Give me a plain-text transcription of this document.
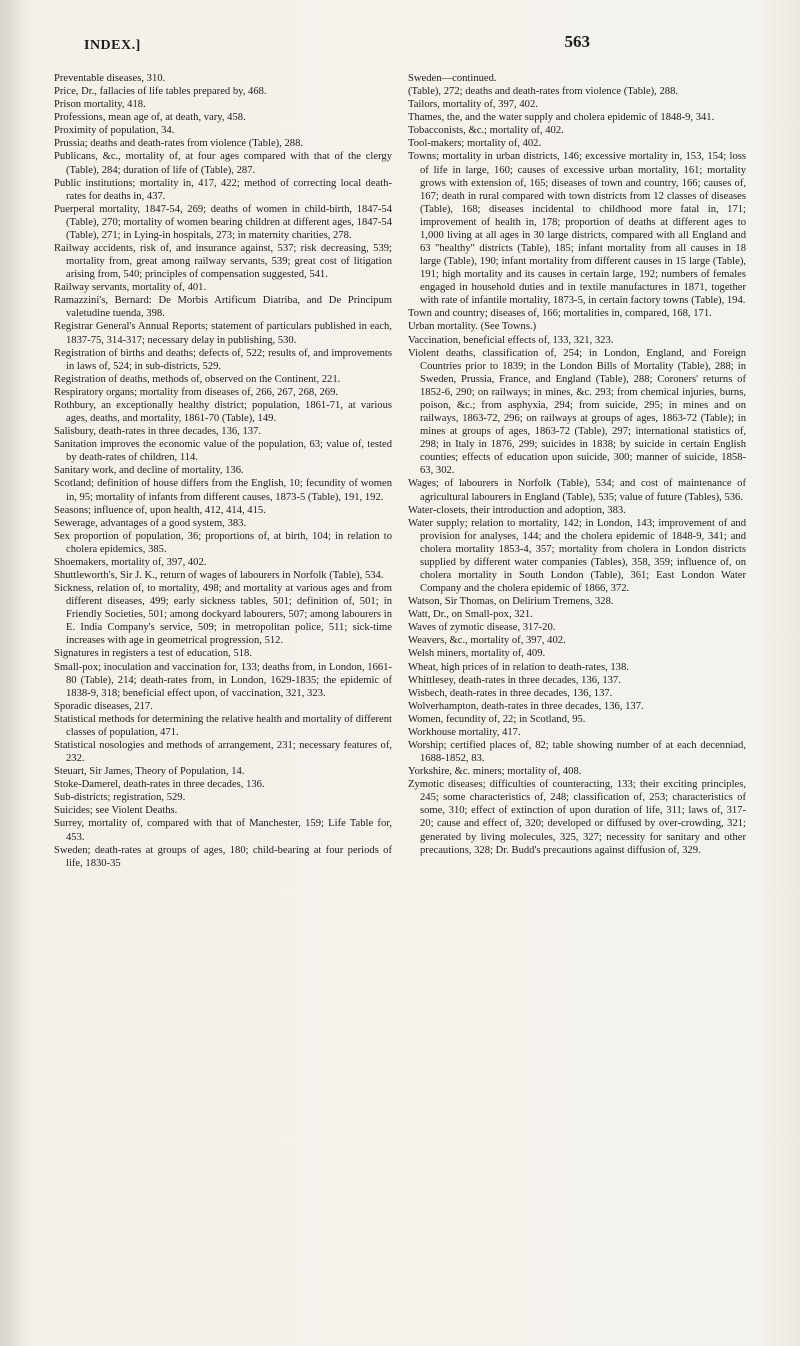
INDEX.]	563

Preventable diseases, 310.

Price, Dr., fallacies of life tables prepared by, 468.

Prison mortality, 418.

Professions, mean age of, at death, vary, 458.

Proximity of population, 34.

Prussia; deaths and death-rates from violence (Table), 288.

Publicans, &c., mortality of, at four ages compared with that of the clergy (Table), 284; duration of life of (Table), 287.

Public institutions; mortality in, 417, 422; method of correcting local death-rates for deaths in, 437.

Puerperal mortality, 1847-54, 269; deaths of women in child-birth, 1847-54 (Table), 270; mortality of women bearing children at different ages, 1847-54 (Table), 271; in Lying-in hospitals, 273; in maternity charities, 278.

Railway accidents, risk of, and insurance against, 537; risk decreasing, 539; mortality from, great among railway servants, 539; great cost of litigation arising from, 540; principles of compensation suggested, 541.

Railway servants, mortality of, 401.

Ramazzini's, Bernard: De Morbis Artificum Diatriba, and De Principum valetudine tuenda, 398.

Registrar General's Annual Reports; statement of particulars published in each, 1837-75, 314-317; necessary delay in publishing, 530.

Registration of births and deaths; defects of, 522; results of, and improvements in laws of, 524; in sub-districts, 529.

Registration of deaths, methods of, observed on the Continent, 221.

Respiratory organs; mortality from diseases of, 266, 267, 268, 269.

Rothbury, an exceptionally healthy district; population, 1861-71, at various ages, deaths, and mortality, 1861-70 (Table), 149.

Salisbury, death-rates in three decades, 136, 137.

Sanitation improves the economic value of the population, 63; value of, tested by death-rates of children, 114.

Sanitary work, and decline of mortality, 136.

Scotland; definition of house differs from the English, 10; fecundity of women in, 95; mortality of infants from different causes, 1873-5 (Table), 191, 192.

Seasons; influence of, upon health, 412, 414, 415.

Sewerage, advantages of a good system, 383.

Sex proportion of population, 36; proportions of, at birth, 104; in relation to cholera epidemics, 385.

Shoemakers, mortality of, 397, 402.

Shuttleworth's, Sir J. K., return of wages of labourers in Norfolk (Table), 534.

Sickness, relation of, to mortality, 498; and mortality at various ages and from different diseases, 499; early sickness tables, 501; definition of, 501; in Friendly Societies, 501; among dockyard labourers, 507; among labourers in E. India Company's service, 509; in metropolitan police, 511; sick-time increases with age in geometrical progression, 512.

Signatures in registers a test of education, 518.

Small-pox; inoculation and vaccination for, 133; deaths from, in London, 1661-80 (Table), 214; death-rates from, in London, 1629-1835; the epidemic of 1838-9, 318; beneficial effect upon, of vaccination, 321, 323.

Sporadic diseases, 217.

Statistical methods for determining the relative health and mortality of different classes of population, 471.

Statistical nosologies and methods of arrangement, 231; necessary features of, 232.

Steuart, Sir James, Theory of Population, 14.

Stoke-Damerel, death-rates in three decades, 136.

Sub-districts; registration, 529.

Suicides; see Violent Deaths.

Surrey, mortality of, compared with that of Manchester, 159; Life Table for, 453.

Sweden; death-rates at groups of ages, 180; child-bearing at four periods of life, 1830-35

Sweden—continued.

(Table), 272; deaths and death-rates from violence (Table), 288.

Tailors, mortality of, 397, 402.

Thames, the, and the water supply and cholera epidemic of 1848-9, 341.

Tobacconists, &c.; mortality of, 402.

Tool-makers; mortality of, 402.

Towns; mortality in urban districts, 146; excessive mortality in, 153, 154; loss of life in large, 160; causes of excessive urban mortality, 161; mortality grows with extension of, 165; diseases of town and country, 166; causes of, 167; death in rural compared with town districts from 12 classes of diseases (Table), 168; diseases incidental to childhood more fatal in, 171; improvement of health in, 178; proportion of deaths at different ages to 1,000 living at all ages in 30 large districts, compared with all England and 63 "healthy" districts (Table), 185; infant mortality from all causes in 18 large (Table), 190; infant mortality from different causes in 15 large (Table), 191; high mortality and its causes in certain large, 192; numbers of females engaged in household duties and in textile manufactures in 1871, together with rate of infantile mortality, 1873-5, in certain factory towns (Table), 194.

Town and country; diseases of, 166; mortalities in, compared, 168, 171.

Urban mortality. (See Towns.)

Vaccination, beneficial effects of, 133, 321, 323.

Violent deaths, classification of, 254; in London, England, and Foreign Countries prior to 1839; in the London Bills of Mortality (Table), 288; in Sweden, Prussia, France, and England (Table), 288; Coroners' returns of 1852-6, 290; on railways; in mines, &c. 293; from chemical injuries, burns, poison, &c.; from asphyxia, 294; from suicide, 295; in mines and on railways, 1863-72, 296; on railways at groups of ages, 1863-72 (Table); in mines at groups of ages, 1863-72 (Table), 297; international statistics of, 298; in Italy in 1876, 299; suicides in 1838; by suicide in certain English counties; effects of education upon suicide, 300; manner of suicide, 1858-63, 302.

Wages; of labourers in Norfolk (Table), 534; and cost of maintenance of agricultural labourers in England (Table), 535; value of future (Tables), 536.

Water-closets, their introduction and adoption, 383.

Water supply; relation to mortality, 142; in London, 143; improvement of and provision for analyses, 144; and the cholera epidemic of 1848-9, 341; and cholera mortality 1853-4, 357; mortality from cholera in London districts supplied by different water companies (Tables), 358, 359; influence of, on cholera mortality in South London (Table), 361; East London Water Company and the cholera epidemic of 1866, 372.

Watson, Sir Thomas, on Delirium Tremens, 328.

Watt, Dr., on Small-pox, 321.

Waves of zymotic disease, 317-20.

Weavers, &c., mortality of, 397, 402.

Welsh miners, mortality of, 409.

Wheat, high prices of in relation to death-rates, 138.

Whittlesey, death-rates in three decades, 136, 137.

Wisbech, death-rates in three decades, 136, 137.

Wolverhampton, death-rates in three decades, 136, 137.

Women, fecundity of, 22; in Scotland, 95.

Workhouse mortality, 417.

Worship; certified places of, 82; table showing number of at each decenniad, 1688-1852, 83.

Yorkshire, &c. miners; mortality of, 408.

Zymotic diseases; difficulties of counteracting, 133; their exciting principles, 245; some characteristics of, 248; classification of, 253; characteristics of some, 310; effect of extinction of upon duration of life, 311; laws of, 317-20; cause and effect of, 320; developed or diffused by over-crowding, 321; generated by living molecules, 325, 327; necessity for sanitary and other precautions, 328; Dr. Budd's precautions against diffusion of, 329.
